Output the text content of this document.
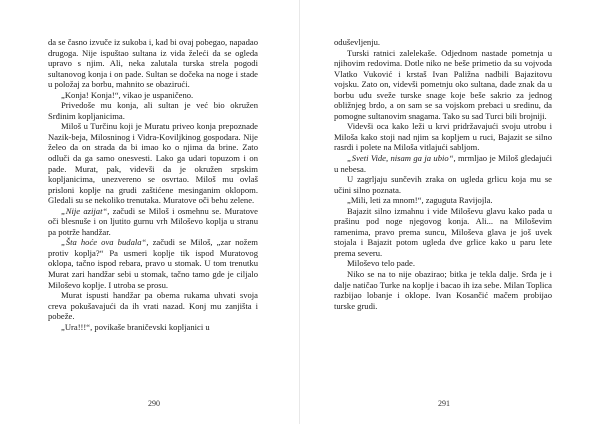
da se časno izvuče iz sukoba i, kad bi ovaj pobegao, napadao drugoga. Nije ispuštao sultana iz vida želeći da se ogleda upravo s njim. Ali, neka zalutala turska strela pogodi sultanovog konja i on pade. Sultan se dočeka na noge i stade u položaj za borbu, mahnito se obazirući.

„Konja! Konja!“, vikao je uspaničeno.

Privedoše mu konja, ali sultan je već bio okružen Srđinim kopljanicima.

Miloš u Turčinu koji je Muratu priveo konja prepoznade Nazik-beja, Milosninog i Vidra-Koviljkinog gospodara. Nije želeo da on strada da bi imao ko o njima da brine. Zato odluči da ga samo onesvesti. Lako ga udari topuzom i on pade. Murat, pak, videvši da je okružen srpskim kopljanicima, unezvereno se osvrtao. Miloš mu ovlaš prisloni koplje na grudi zaštićene mesinganim oklopom. Gledali su se nekoliko trenutaka. Muratove oči behu zelene.

„Nije azijat“, začudi se Miloš i osmehnu se. Muratove oči blesnuše i on ljutito gurnu vrh Miloševo koplja u stranu pa potrže handžar.

„Šta hoće ova budala“, začudi se Miloš, „zar nožem protiv koplja?“ Pa usmeri koplje tik ispod Muratovog oklopa, tačno ispod rebara, pravo u stomak. U tom trenutku Murat zari handžar sebi u stomak, tačno tamo gde je ciljalo Miloševo koplje. I utroba se prosu.

Murat ispusti handžar pa obema rukama uhvati svoja creva pokušavajući da ih vrati nazad. Konj mu zanjišta i pobeže.

„Ura!!!“, povikaše braničevski kopljanici u

290

oduševljenju.

Turski ratnici zalelekaše. Odjednom nastade pometnja u njihovim redovima. Dotle niko ne beše primetio da su vojvoda Vlatko Vuković i krstaš Ivan Paližna nadbili Bajazitovu vojsku. Zato on, videvši pometnju oko sultana, dade znak da u borbu uđu sveže turske snage koje beše sakrio za jednog obližnjeg brdo, a on sam se sa vojskom prebaci u sredinu, da pomogne sultanovim snagama. Tako su sad Turci bili brojniji.

Videvši oca kako leži u krvi pridržavajući svoju utrobu i Miloša kako stoji nad njim sa kopljem u ruci, Bajazit se silno rasrdi i polete na Miloša vitlajući sabljom.

„Sveti Vide, nisam ga ja ubio“, mrmljao je Miloš gledajući u nebesa.

U zagrljaju sunčevih zraka on ugleda grlicu koja mu se učini silno poznata.

„Mili, leti za mnom!“, zaguguta Ravijojla.

Bajazit silno izmahnu i vide Miloševu glavu kako pada u prašinu pod noge njegovog konja. Ali... na Miloševim ramenima, pravo prema suncu, Miloševa glava je još uvek stojala i Bajazit potom ugleda dve grlice kako u paru lete prema severu.

Miloševo telo pade.

Niko se na to nije obazirao; bitka je tekla dalje. Srđa je i dalje natičao Turke na koplje i bacao ih iza sebe. Milan Toplica razbijao lobanje i oklope. Ivan Kosančić mačem probijao turske grudi.

291
